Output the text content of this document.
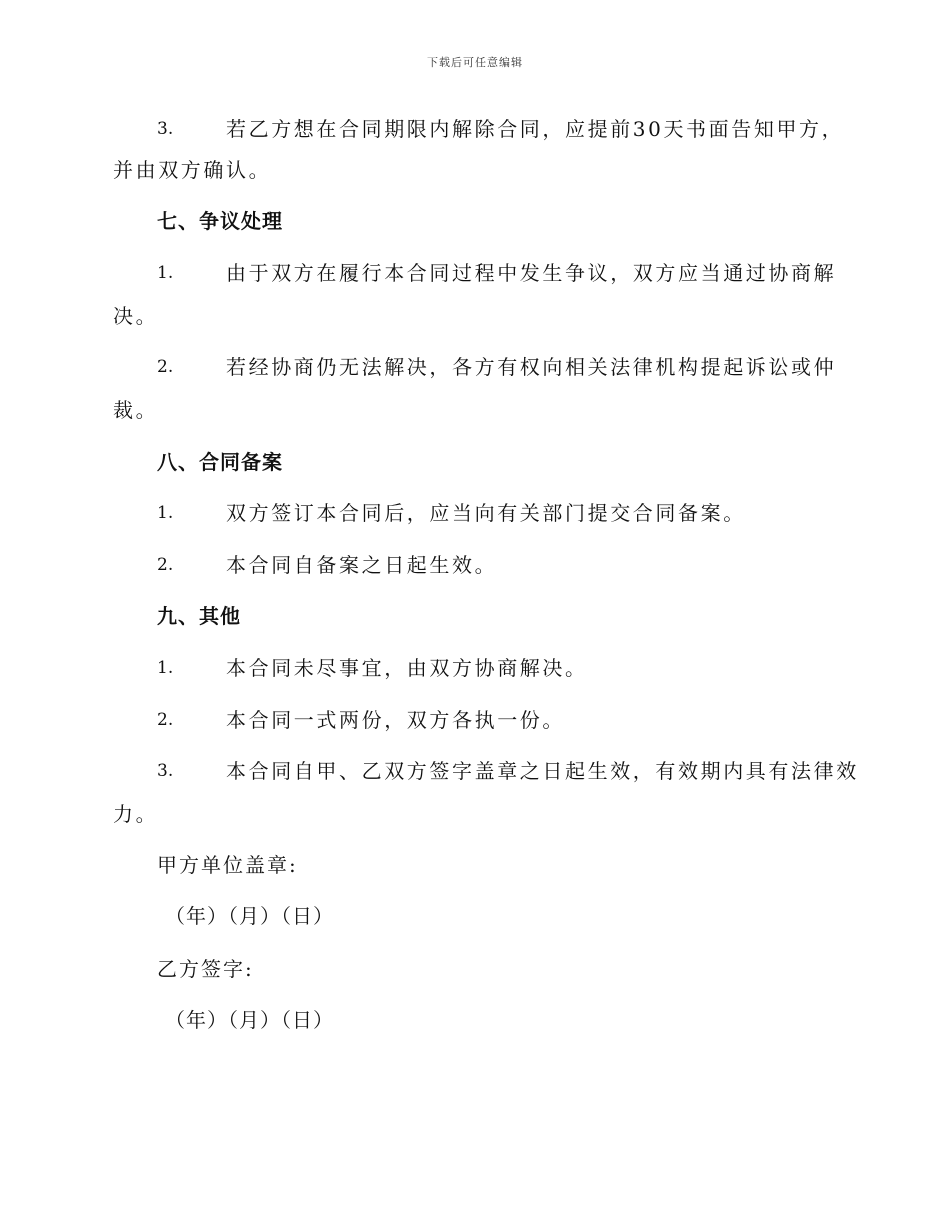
下载后可任意编辑
3.	若乙方想在合同期限内解除合同，应提前30天书面告知甲方，
并由双方确认。
七、争议处理
1.	由于双方在履行本合同过程中发生争议，双方应当通过协商解
决。
2.	若经协商仍无法解决，各方有权向相关法律机构提起诉讼或仲
裁。
八、合同备案
1.	双方签订本合同后，应当向有关部门提交合同备案。
2.	本合同自备案之日起生效。
九、其他
1.	本合同未尽事宜，由双方协商解决。
2.	本合同一式两份，双方各执一份。
3.	本合同自甲、乙双方签字盖章之日起生效，有效期内具有法律效
力。
甲方单位盖章:
（年）（月）（日）
乙方签字:
（年）（月）（日）
